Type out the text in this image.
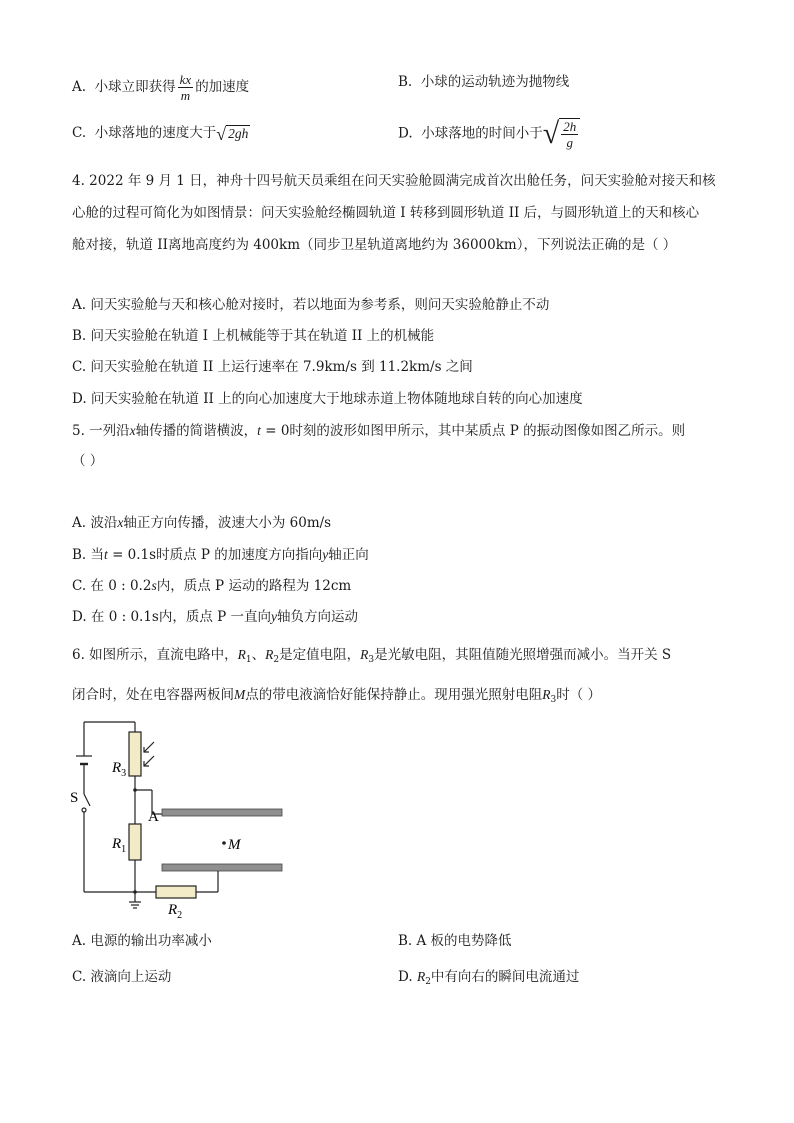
A. 小球立即获得 $\frac{kx}{m}$ 的加速度	B. 小球的运动轨迹为抛物线
C. 小球落地的速度大于√ 2gh	D. 小球落地的时间小于√ $\frac{2h}{g}$
4. 2022 年 9 月 1 日，神舟十四号航天员乘组在问天实验舱圆满完成首次出舱任务，问天实验舱对接天和核
心舱的过程可简化为如图情景：问天实验舱经椭圆轨道 I 转移到圆形轨道 II 后，与圆形轨道上的天和核心
舱对接，轨道 II离地高度约为 400km（同步卫星轨道离地约为 36000km），下列说法正确的是（ ）
A. 问天实验舱与天和核心舱对接时，若以地面为参考系，则问天实验舱静止不动
B. 问天实验舱在轨道 I 上机械能等于其在轨道 II 上的机械能
C. 问天实验舱在轨道 II 上运行速率在 7.9km/s 到 11.2km/s 之间
D. 问天实验舱在轨道 II 上的向心加速度大于地球赤道上物体随地球自转的向心加速度
5. 一列沿x轴传播的简谐横波，t = 0时刻的波形如图甲所示，其中某质点 P 的振动图像如图乙所示。则
（ ）
A. 波沿x轴正方向传播，波速大小为 60m/s
B. 当t = 0.1s时质点 P 的加速度方向指向y轴正向
C. 在 0 : 0.2s内，质点 P 运动的路程为 12cm
D. 在 0 : 0.1s内，质点 P 一直向y轴负方向运动
6. 如图所示，直流电路中，$R_1$、$R_2$是定值电阻，$R_3$是光敏电阻，其阻值随光照增强而减小。当开关 S
闭合时，处在电容器两板间M点的带电液滴恰好能保持静止。现用强光照射电阻$R_3$时（ ）
$R_3$
S
A
$R_1$	M
$R_2$
A. 电源的输出功率减小	B. A 板的电势降低
C. 液滴向上运动	D. $R_2$中有向右的瞬间电流通过
